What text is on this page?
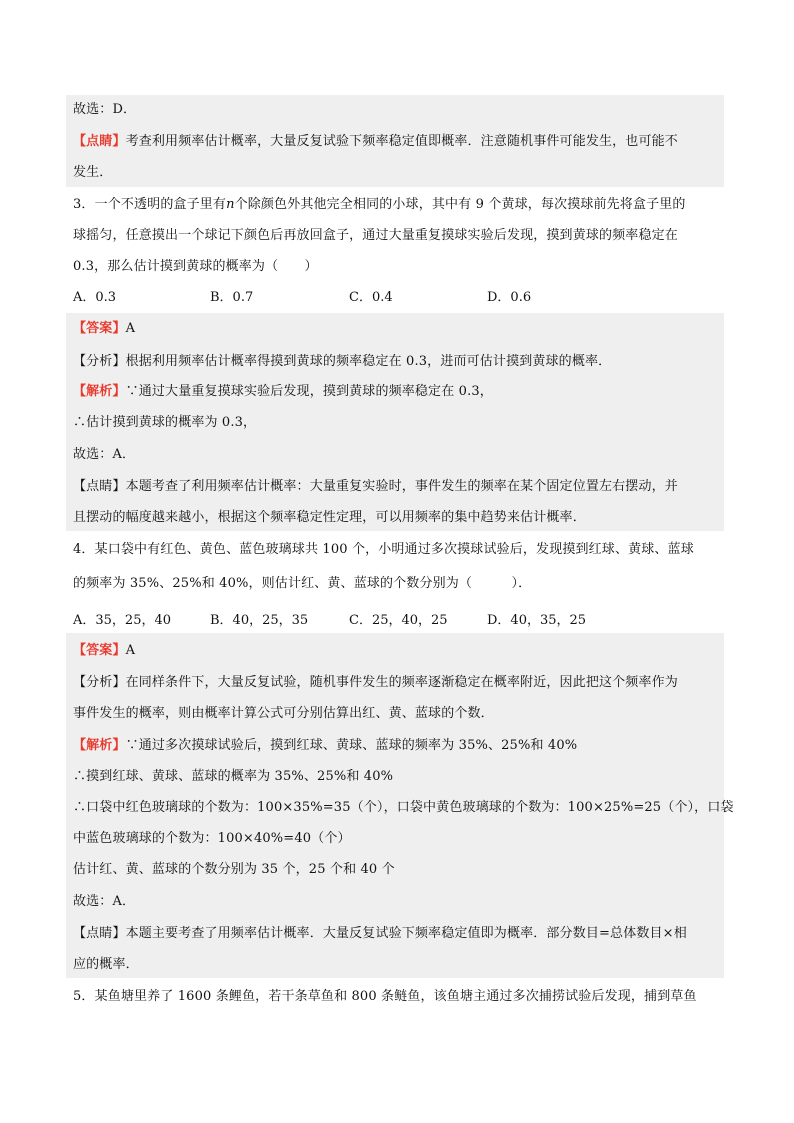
故选：D．
【点睛】考查利用频率估计概率，大量反复试验下频率稳定值即概率．注意随机事件可能发生，也可能不
发生．
3．一个不透明的盒子里有n个除颜色外其他完全相同的小球，其中有 9 个黄球，每次摸球前先将盒子里的
球摇匀，任意摸出一个球记下颜色后再放回盒子，通过大量重复摸球实验后发现，摸到黄球的频率稳定在
0.3，那么估计摸到黄球的概率为（　　）
A．0.3	B．0.7	C．0.4	D．0.6
【答案】A
【分析】根据利用频率估计概率得摸到黄球的频率稳定在 0.3，进而可估计摸到黄球的概率．
【解析】∵通过大量重复摸球实验后发现，摸到黄球的频率稳定在 0.3，
∴估计摸到黄球的概率为 0.3，
故选：A．
【点睛】本题考查了利用频率估计概率：大量重复实验时，事件发生的频率在某个固定位置左右摆动，并
且摆动的幅度越来越小，根据这个频率稳定性定理，可以用频率的集中趋势来估计概率．
4．某口袋中有红色、黄色、蓝色玻璃球共 100 个，小明通过多次摸球试验后，发现摸到红球、黄球、蓝球
的频率为 35%、25%和 40%，则估计红、黄、蓝球的个数分别为（　　　）．
A．35，25，40	B．40，25，35	C．25，40，25	D．40，35，25
【答案】A
【分析】在同样条件下，大量反复试验，随机事件发生的频率逐渐稳定在概率附近，因此把这个频率作为
事件发生的概率，则由概率计算公式可分别估算出红、黄、蓝球的个数．
【解析】∵通过多次摸球试验后，摸到红球、黄球、蓝球的频率为 35%、25%和 40%
∴摸到红球、黄球、蓝球的概率为 35%、25%和 40%
∴口袋中红色玻璃球的个数为：100×35%=35（个），口袋中黄色玻璃球的个数为：100×25%=25（个），口袋
中蓝色玻璃球的个数为：100×40%=40（个）
估计红、黄、蓝球的个数分别为 35 个，25 个和 40 个
故选：A．
【点睛】本题主要考查了用频率估计概率．大量反复试验下频率稳定值即为概率．部分数目=总体数目×相
应的概率．
5．某鱼塘里养了 1600 条鲤鱼，若干条草鱼和 800 条鲢鱼，该鱼塘主通过多次捕捞试验后发现，捕到草鱼
